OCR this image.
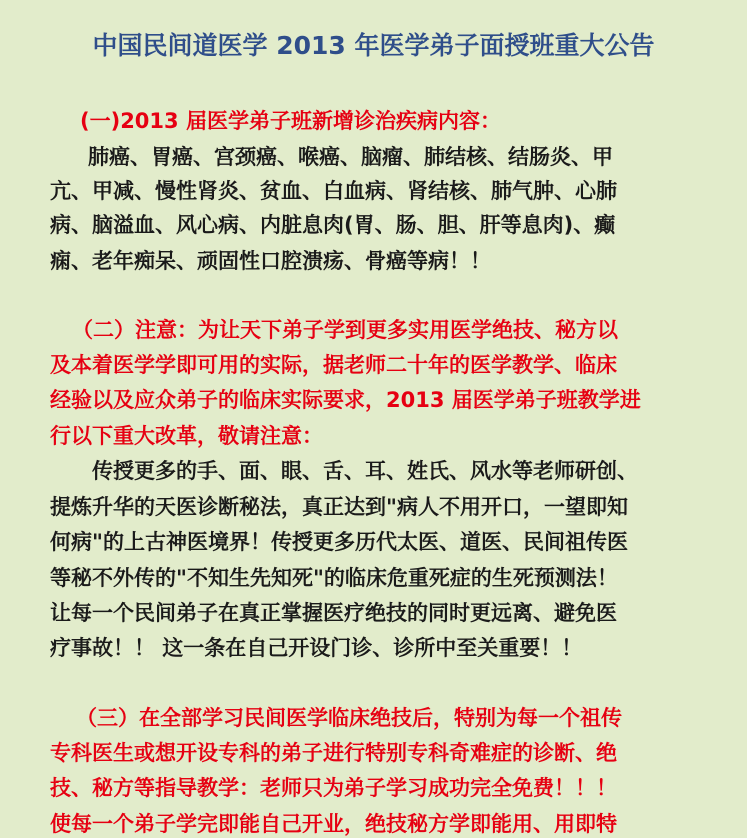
中国民间道医学 2013 年医学弟子面授班重大公告
(一)2013 届医学弟子班新增诊治疾病内容：
肺癌、胃癌、宫颈癌、喉癌、脑瘤、肺结核、结肠炎、甲
亢、甲减、慢性肾炎、贫血、白血病、肾结核、肺气肿、心肺
病、脑溢血、风心病、内脏息肉(胃、肠、胆、肝等息肉)、癫
痫、老年痴呆、顽固性口腔溃疡、骨癌等病！！
（二）注意：为让天下弟子学到更多实用医学绝技、秘方以
及本着医学学即可用的实际，据老师二十年的医学教学、临床
经验以及应众弟子的临床实际要求，2013 届医学弟子班教学进
行以下重大改革，敬请注意：
传授更多的手、面、眼、舌、耳、姓氏、风水等老师研创、
提炼升华的天医诊断秘法，真正达到"病人不用开口，一望即知
何病"的上古神医境界！传授更多历代太医、道医、民间祖传医
等秘不外传的"不知生先知死"的临床危重死症的生死预测法！
让每一个民间弟子在真正掌握医疗绝技的同时更远离、避免医
疗事故！！ 这一条在自己开设门诊、诊所中至关重要！！
（三）在全部学习民间医学临床绝技后，特别为每一个祖传
专科医生或想开设专科的弟子进行特别专科奇难症的诊断、绝
技、秘方等指导教学：老师只为弟子学习成功完全免费！！！
使每一个弟子学完即能自己开业，绝技秘方学即能用、用即特
